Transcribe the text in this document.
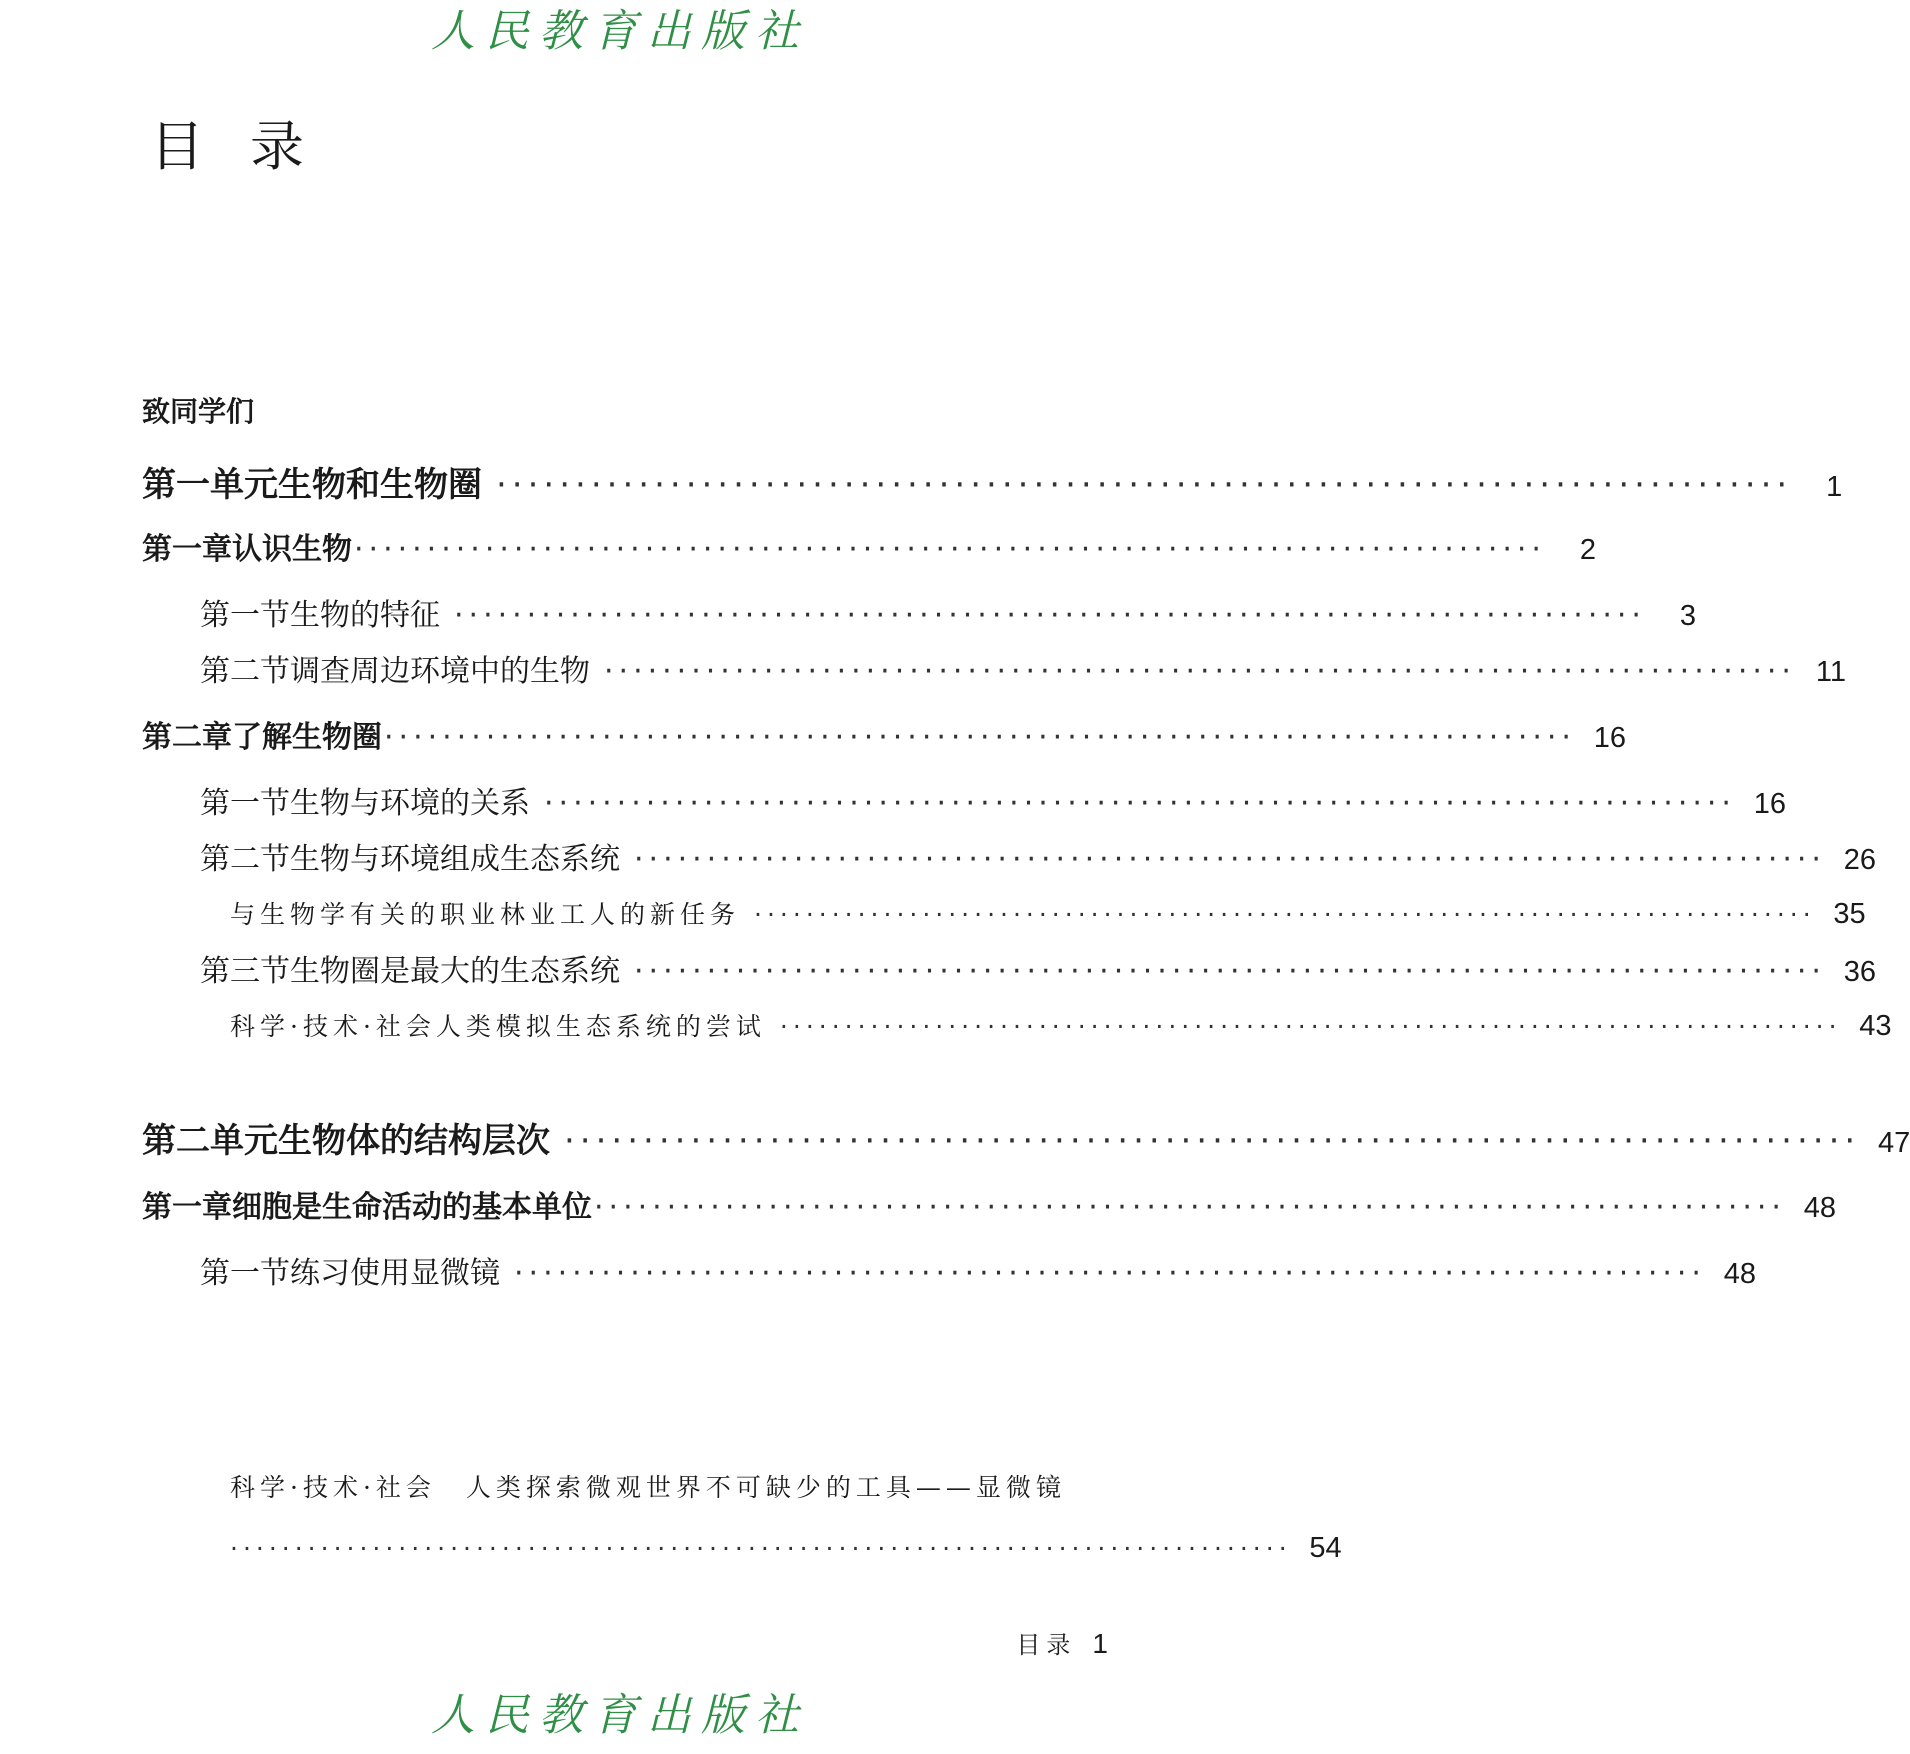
人民教育出版社
目录
致同学们
第一单元 生物和生物圈 ··················································································	1
第一章 认识生物 ··················································································	2
第一节 生物的特征 ··················································································	3
第二节 调查周边环境中的生物 ·················································································· 11
第二章 了解生物圈 ·················································································· 16
第一节 生物与环境的关系 ·················································································· 16
第二节 生物与环境组成生态系统 ·················································································· 26
与生物学有关的职业 林业工人的新任务 ·················································································· 35
第三节 生物圈是最大的生态系统 ·················································································· 36
科学·技术·社会 人类模拟生态系统的尝试 ·················································································· 43
第二单元 生物体的结构层次 ·················································································· 47
第一章 细胞是生命活动的基本单位 ·················································································· 48
第一节 练习使用显微镜 ·················································································· 48
科学·技术·社会 人类探索微观世界不可缺少的工具——显微镜
·················································································· 54
目录 1
人民教育出版社
